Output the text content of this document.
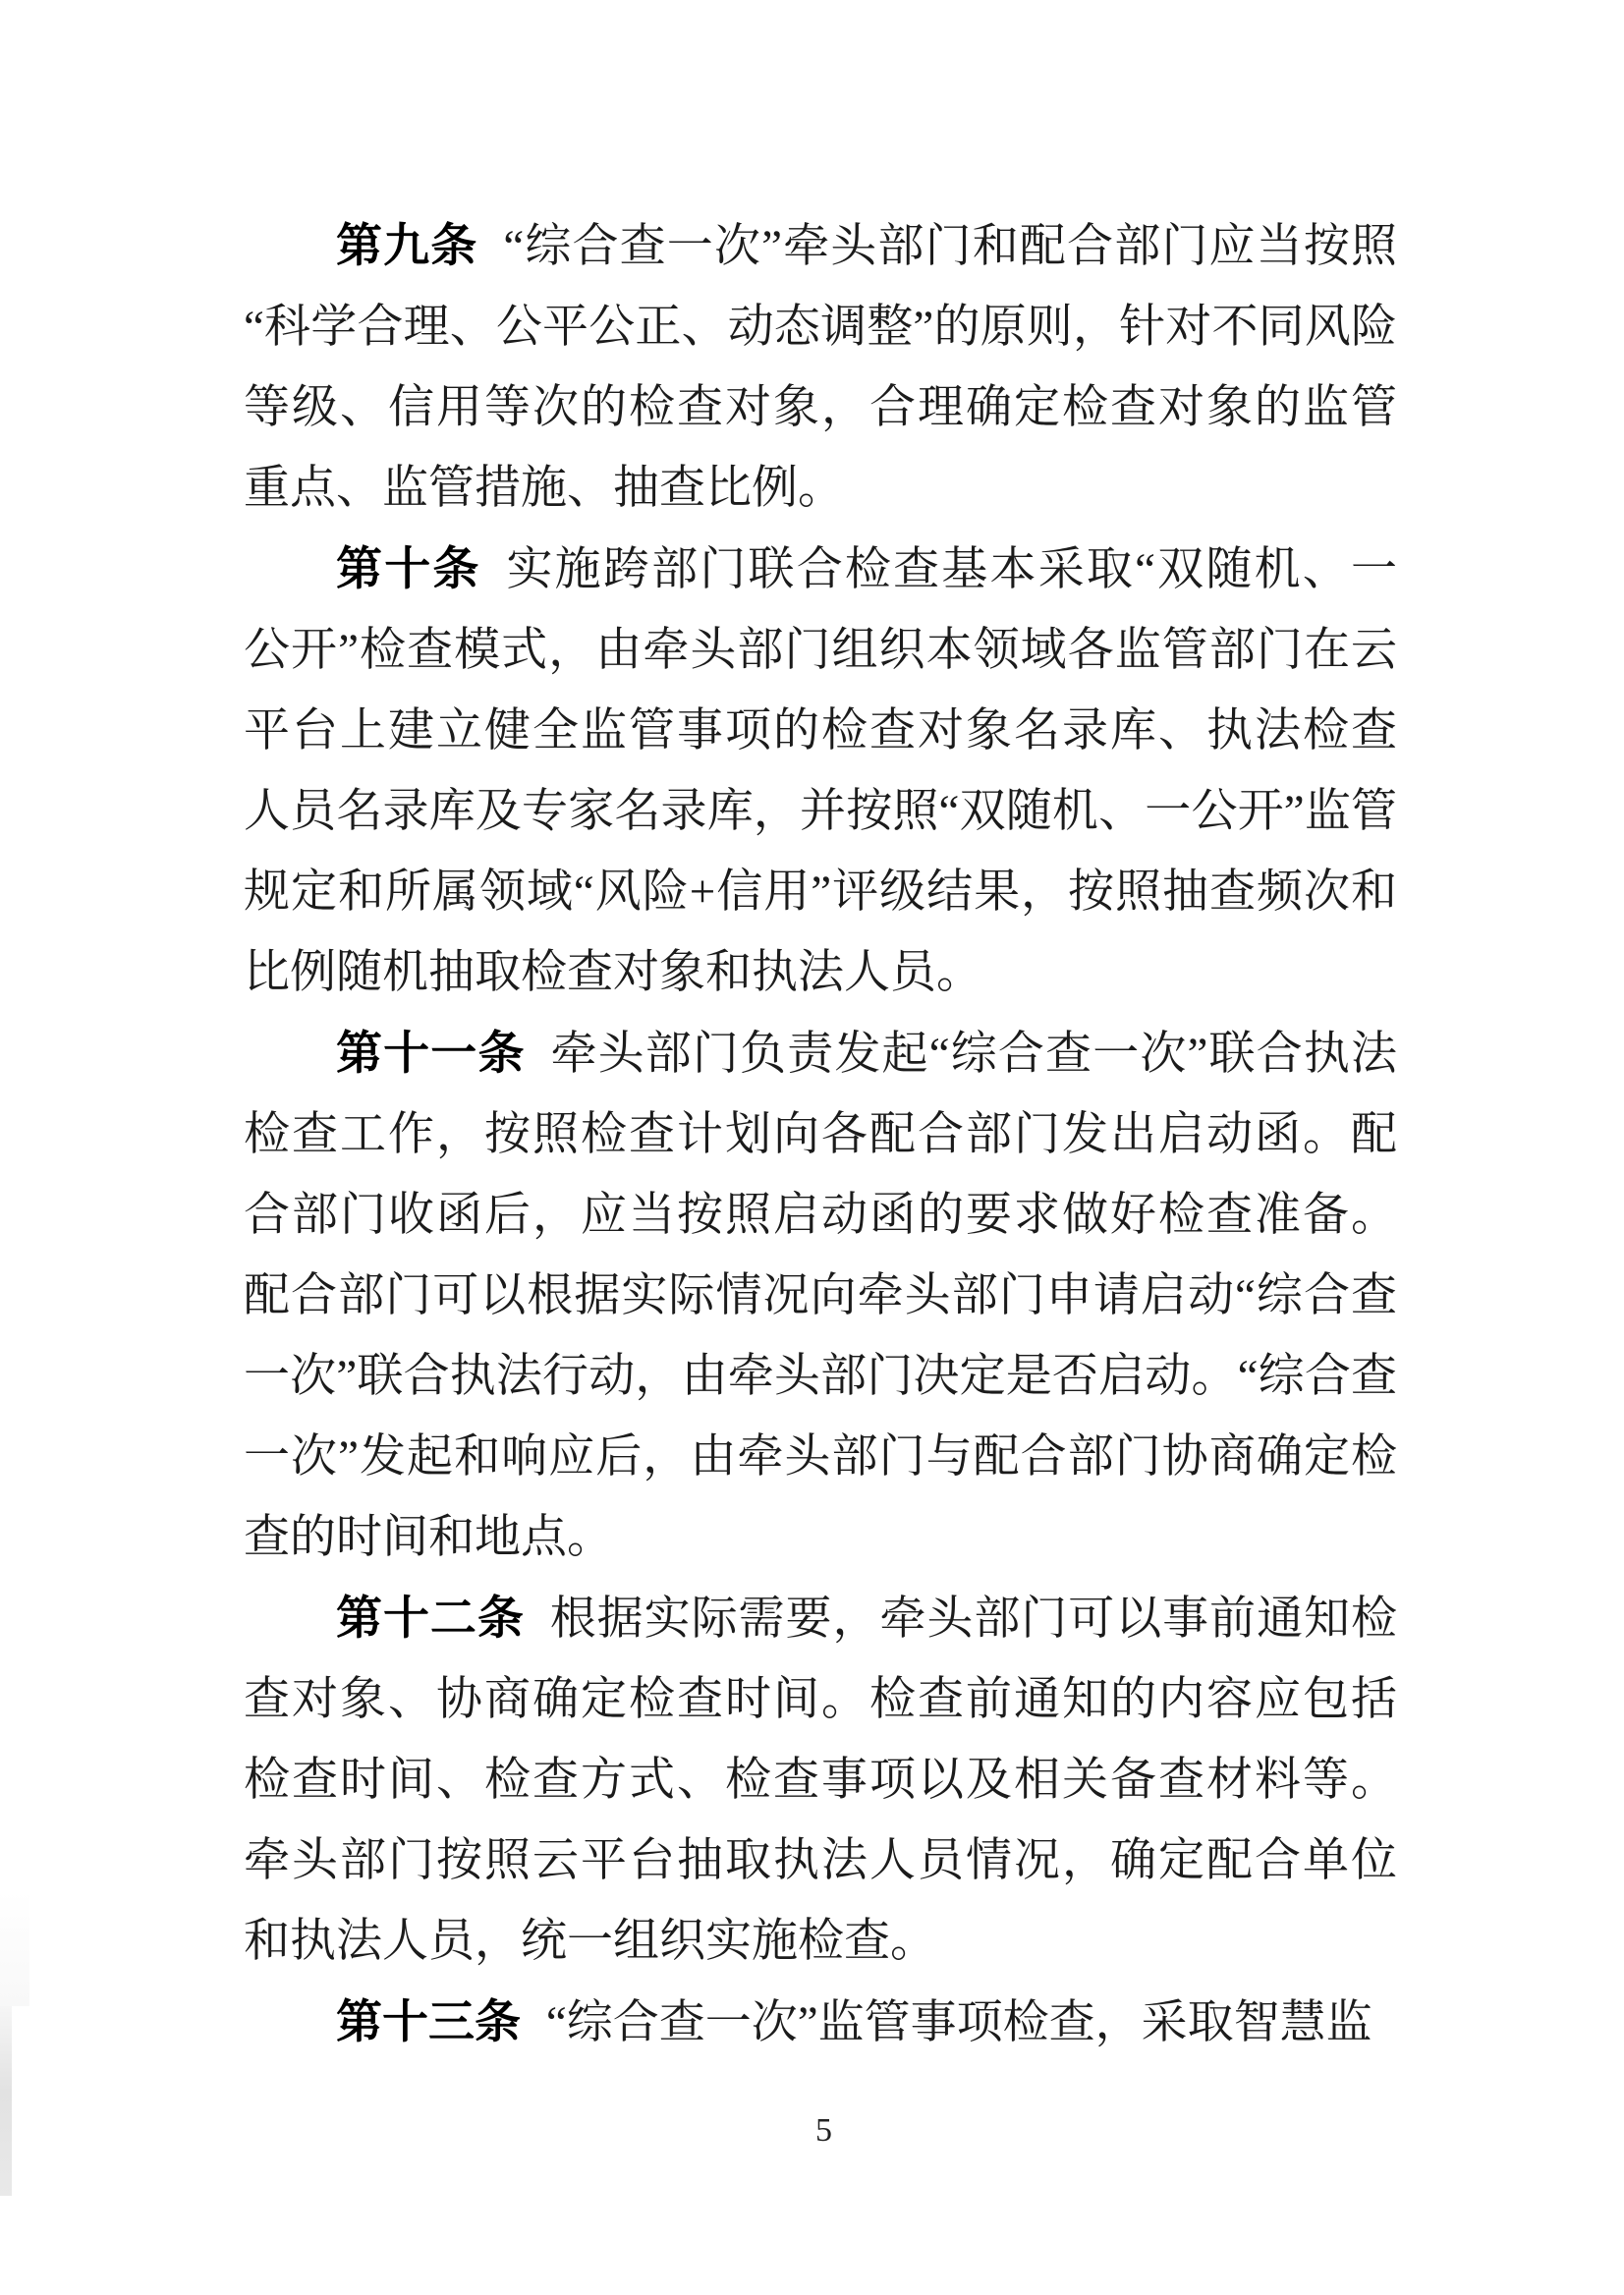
第九条 “综合查一次”牵头部门和配合部门应当按照“科学合理、公平公正、动态调整”的原则，针对不同风险等级、信用等次的检查对象，合理确定检查对象的监管重点、监管措施、抽查比例。

第十条 实施跨部门联合检查基本采取“双随机、一公开”检查模式，由牵头部门组织本领域各监管部门在云平台上建立健全监管事项的检查对象名录库、执法检查人员名录库及专家名录库，并按照“双随机、一公开”监管规定和所属领域“风险+信用”评级结果，按照抽查频次和比例随机抽取检查对象和执法人员。

第十一条 牵头部门负责发起“综合查一次”联合执法检查工作，按照检查计划向各配合部门发出启动函。配合部门收函后，应当按照启动函的要求做好检查准备。配合部门可以根据实际情况向牵头部门申请启动“综合查一次”联合执法行动，由牵头部门决定是否启动。“综合查一次”发起和响应后，由牵头部门与配合部门协商确定检查的时间和地点。

第十二条 根据实际需要，牵头部门可以事前通知检查对象、协商确定检查时间。检查前通知的内容应包括检查时间、检查方式、检查事项以及相关备查材料等。牵头部门按照云平台抽取执法人员情况，确定配合单位和执法人员，统一组织实施检查。

第十三条 “综合查一次”监管事项检查，采取智慧监

5
